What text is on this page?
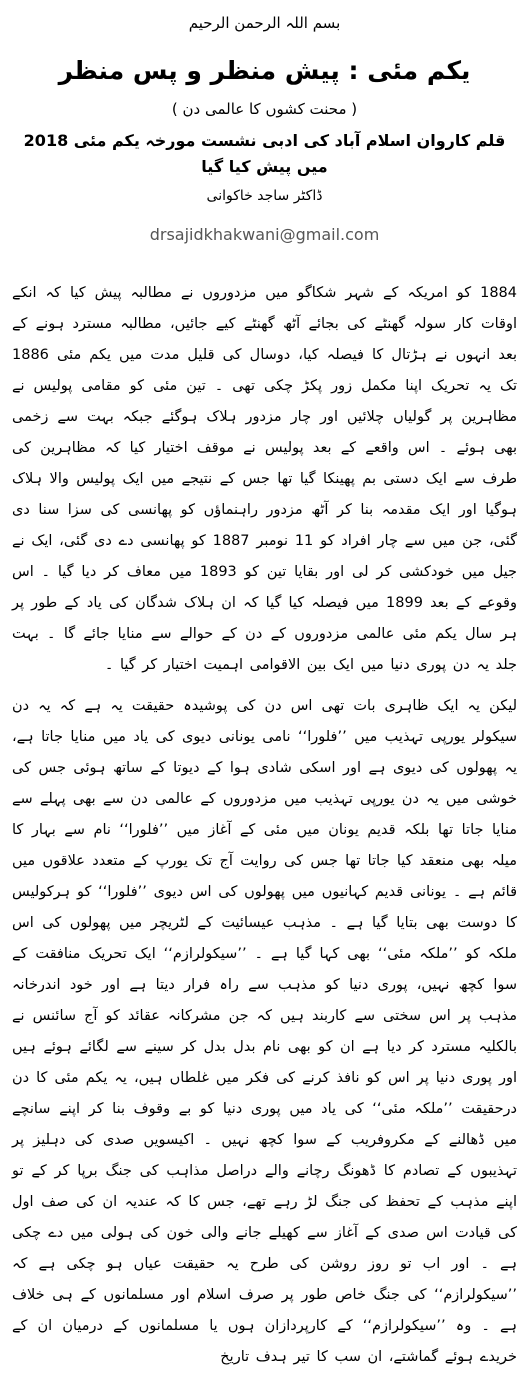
بسم اللہ الرحمن الرحیم
یکم مئی : پیش منظر و پس منظر
( محنت کشوں کا عالمی دن )
قلم کاروان اسلام آباد کی ادبی نشست مورخہ یکم مئی 2018 میں پیش کیا گیا
ڈاکٹر ساجد خاکوانی
drsajidkhakwani@gmail.com

1884 کو امریکہ کے شہر شکاگو میں مزدوروں نے مطالبہ پیش کیا کہ انکے اوقات کار سولہ گھنٹے کی بجائے آٹھ گھنٹے کیے جائیں، مطالبہ مسترد ہونے کے بعد انہوں نے ہڑتال کا فیصلہ کیا، دوسال کی قلیل مدت میں یکم مئی 1886 تک یہ تحریک اپنا مکمل زور پکڑ چکی تھی ۔ تین مئی کو مقامی پولیس نے مظاہرین پر گولیاں چلائیں اور چار مزدور ہلاک ہوگئے جبکہ بہت سے زخمی بھی ہوئے ۔ اس واقعے کے بعد پولیس نے موقف اختیار کیا کہ مظاہرین کی طرف سے ایک دستی بم پھینکا گیا تھا جس کے نتیجے میں ایک پولیس والا ہلاک ہوگیا اور ایک مقدمہ بنا کر آٹھ مزدور راہنماؤں کو پھانسی کی سزا سنا دی گئی، جن میں سے چار افراد کو 11 نومبر 1887 کو پھانسی دے دی گئی، ایک نے جیل میں خودکشی کر لی اور بقایا تین کو 1893 میں معاف کر دیا گیا ۔ اس وقوعے کے بعد 1899 میں فیصلہ کیا گیا کہ ان ہلاک شدگان کی یاد کے طور پر ہر سال یکم مئی عالمی مزدوروں کے دن کے حوالے سے منایا جائے گا ۔ بہت جلد یہ دن پوری دنیا میں ایک بین الاقوامی اہمیت اختیار کر گیا ۔

لیکن یہ ایک ظاہری بات تھی اس دن کی پوشیدہ حقیقت یہ ہے کہ یہ دن سیکولر یورپی تہذیب میں ’’فلورا‘‘ نامی یونانی دیوی کی یاد میں منایا جاتا ہے، یہ پھولوں کی دیوی ہے اور اسکی شادی ہوا کے دیوتا کے ساتھ ہوئی جس کی خوشی میں یہ دن یورپی تہذیب میں مزدوروں کے عالمی دن سے بھی پہلے سے منایا جاتا تھا بلکہ قدیم یونان میں مئی کے آغاز میں ’’فلورا‘‘ نام سے بہار کا میلہ بھی منعقد کیا جاتا تھا جس کی روایت آج تک یورپ کے متعدد علاقوں میں قائم ہے ۔ یونانی قدیم کہانیوں میں پھولوں کی اس دیوی ’’فلورا‘‘ کو ہرکولیس کا دوست بھی بتایا گیا ہے ۔ مذہب عیسائیت کے لٹریچر میں پھولوں کی اس ملکہ کو ’’ملکہ مئی‘‘ بھی کہا گیا ہے ۔ ’’سیکولرازم‘‘ ایک تحریک منافقت کے سوا کچھ نہیں، پوری دنیا کو مذہب سے راہ فرار دیتا ہے اور خود اندرخانہ مذہب پر اس سختی سے کاربند ہیں کہ جن مشرکانہ عقائد کو آج سائنس نے بالکلیہ مسترد کر دیا ہے ان کو بھی نام بدل بدل کر سینے سے لگائے ہوئے ہیں اور پوری دنیا پر اس کو نافذ کرنے کی فکر میں غلطاں ہیں، یہ یکم مئی کا دن درحقیقت ’’ملکہ مئی‘‘ کی یاد میں پوری دنیا کو بے وقوف بنا کر اپنے سانچے میں ڈھالنے کے مکروفریب کے سوا کچھ نہیں ۔ اکیسویں صدی کی دہلیز پر تہذیبوں کے تصادم کا ڈھونگ رچانے والے دراصل مذاہب کی جنگ برپا کر کے تو اپنے مذہب کے تحفظ کی جنگ لڑ رہے تھے، جس کا کہ عندیہ ان کی صف اول کی قیادت اس صدی کے آغاز سے کھیلے جانے والی خون کی ہولی میں دے چکی ہے ۔ اور اب تو روز روشن کی طرح یہ حقیقت عیاں ہو چکی ہے کہ ’’سیکولرازم‘‘ کی جنگ خاص طور پر صرف اسلام اور مسلمانوں کے ہی خلاف ہے ۔ وہ ’’سیکولرازم‘‘ کے کارپردازان ہوں یا مسلمانوں کے درمیان ان کے خریدے ہوئے گماشتے، ان سب کا تیر ہدف تاریخ
